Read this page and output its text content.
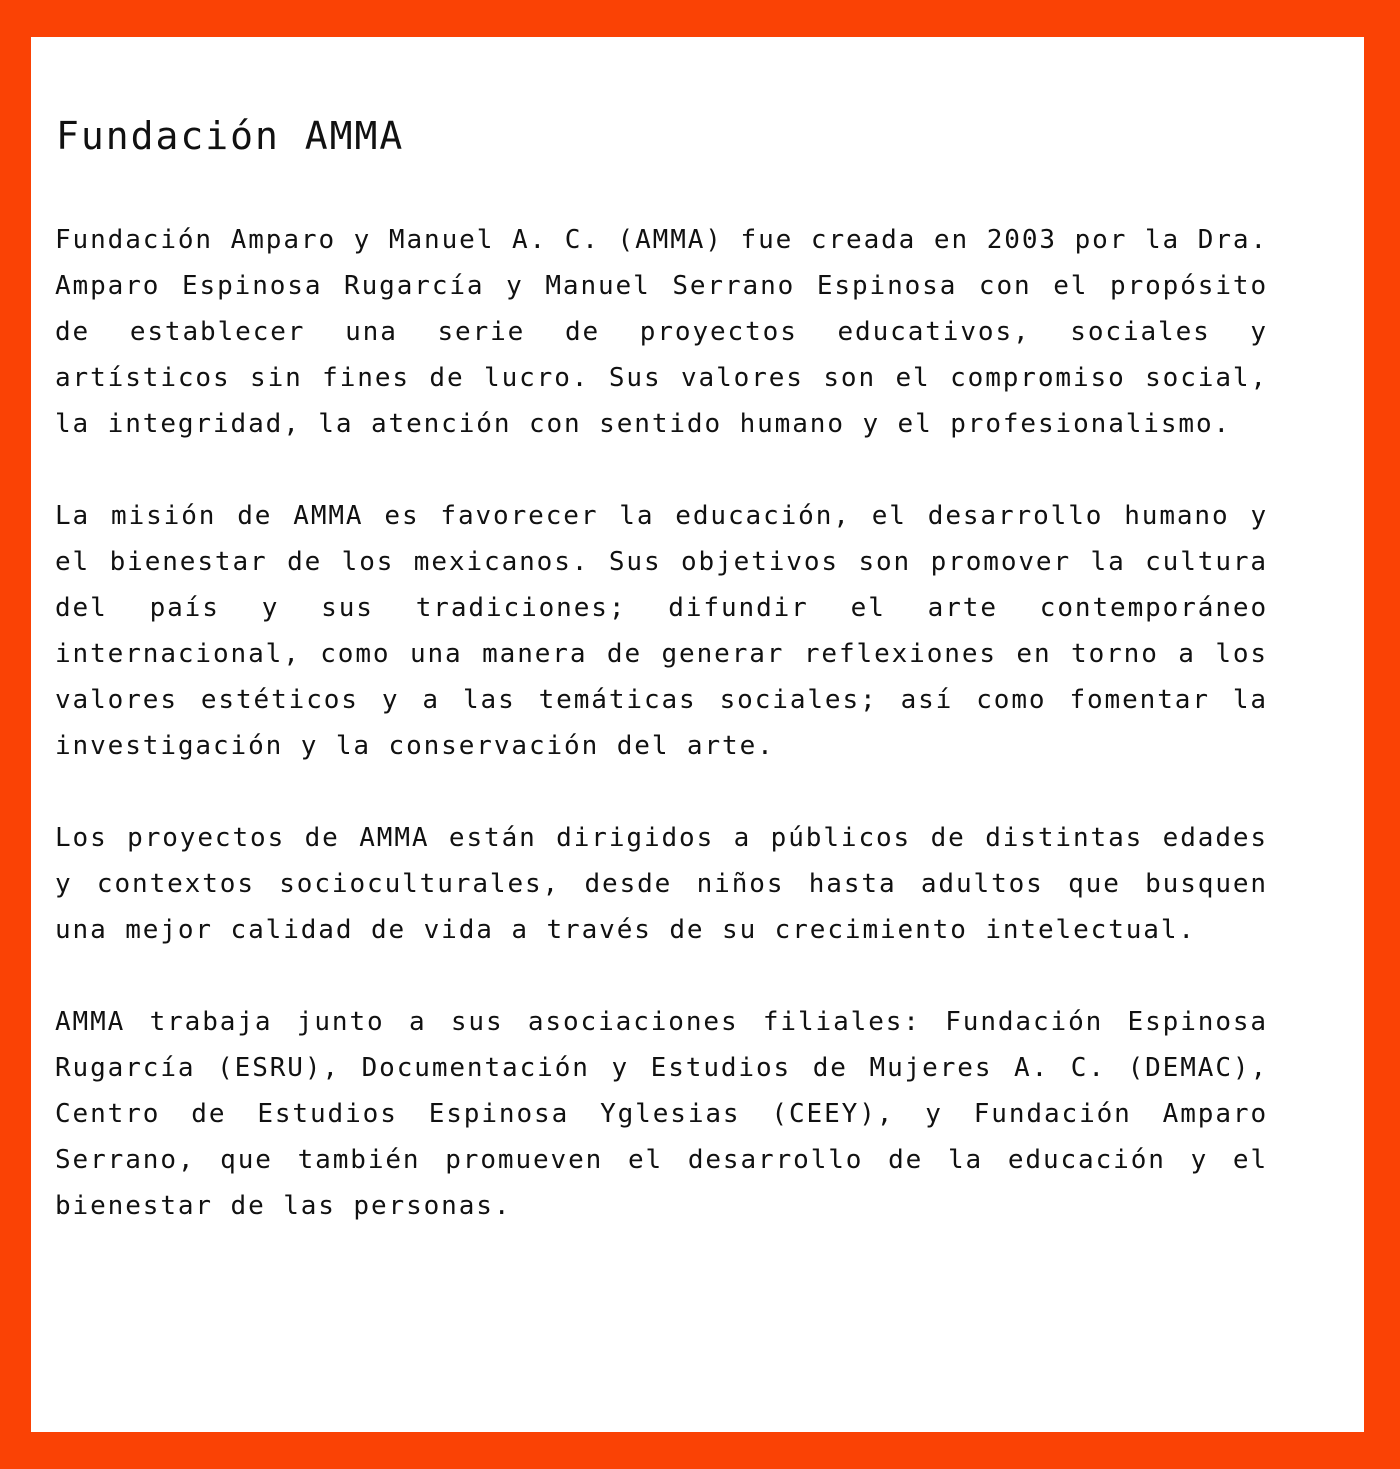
Fundación AMMA

Fundación Amparo y Manuel A. C. (AMMA) fue creada en 2003 por la Dra. Amparo Espinosa Rugarcía y Manuel Serrano Espinosa con el propósito de establecer una serie de proyectos educativos, sociales y artísticos sin fines de lucro. Sus valores son el compromiso social, la integridad, la atención con sentido humano y el profesionalismo.

La misión de AMMA es favorecer la educación, el desarrollo humano y el bienestar de los mexicanos. Sus objetivos son promover la cultura del país y sus tradiciones; difundir el arte contemporáneo internacional, como una manera de generar reflexiones en torno a los valores estéticos y a las temáticas sociales; así como fomentar la investigación y la conservación del arte.

Los proyectos de AMMA están dirigidos a públicos de distintas edades y contextos socioculturales, desde niños hasta adultos que busquen una mejor calidad de vida a través de su crecimiento intelectual.

AMMA trabaja junto a sus asociaciones filiales: Fundación Espinosa Rugarcía (ESRU), Documentación y Estudios de Mujeres A. C. (DEMAC), Centro de Estudios Espinosa Yglesias (CEEY), y Fundación Amparo Serrano, que también promueven el desarrollo de la educación y el bienestar de las personas.
